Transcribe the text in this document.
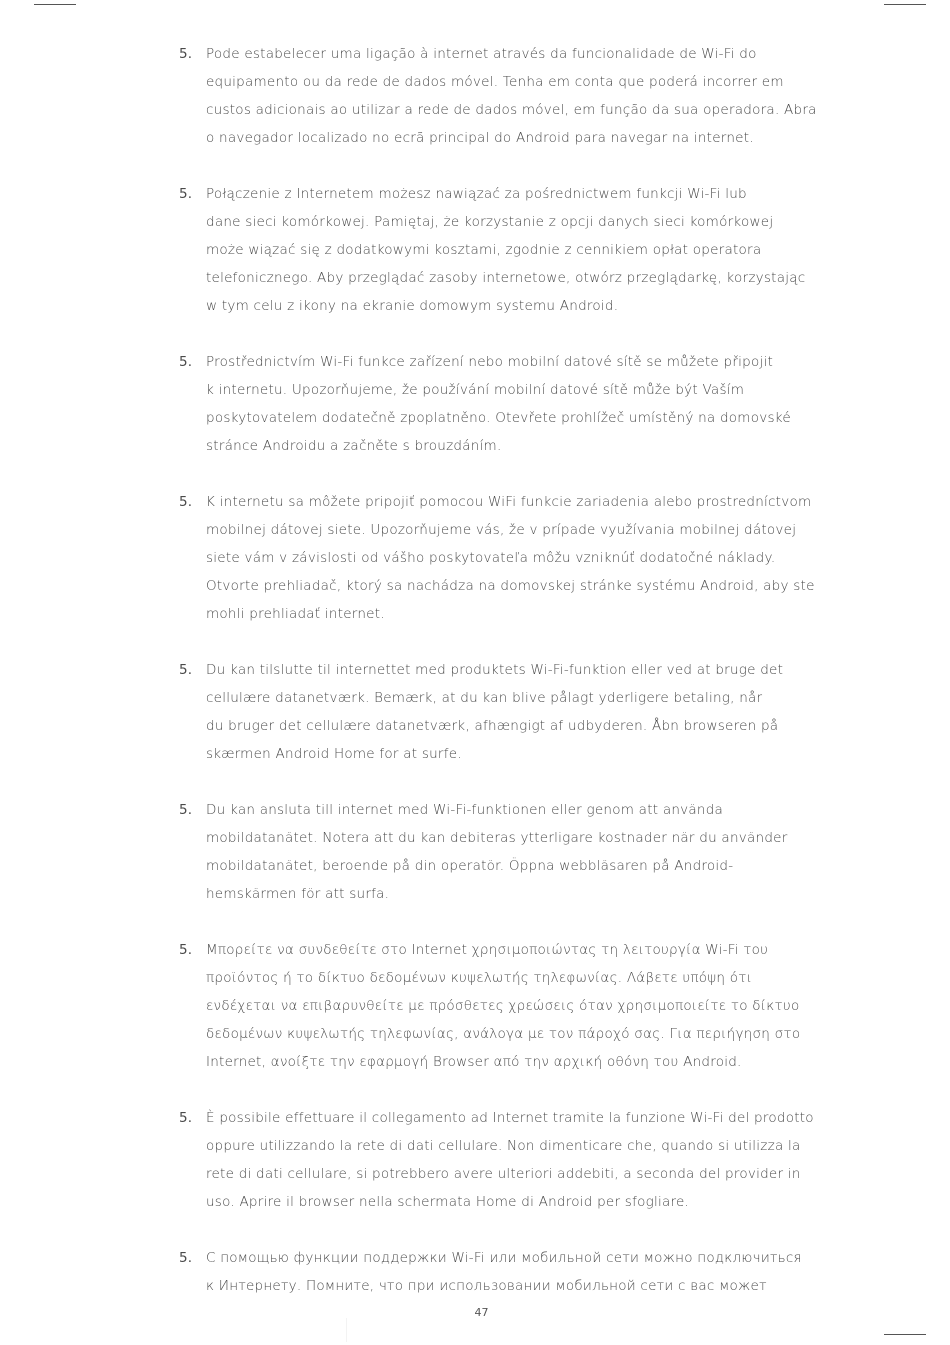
5.	Pode estabelecer uma ligação à internet através da funcionalidade de Wi-Fi do
equipamento ou da rede de dados móvel. Tenha em conta que poderá incorrer em
custos adicionais ao utilizar a rede de dados móvel, em função da sua operadora. Abra
o navegador localizado no ecrã principal do Android para navegar na internet.
5.	Połączenie z Internetem możesz nawiązać za pośrednictwem funkcji Wi-Fi lub
dane sieci komórkowej. Pamiętaj, że korzystanie z opcji danych sieci komórkowej
może wiązać się z dodatkowymi kosztami, zgodnie z cennikiem opłat operatora
telefonicznego. Aby przeglądać zasoby internetowe, otwórz przeglądarkę, korzystając
w tym celu z ikony na ekranie domowym systemu Android.
5.	Prostřednictvím Wi-Fi funkce zařízení nebo mobilní datové sítě se můžete připojit
k internetu. Upozorňujeme, že používání mobilní datové sítě může být Vaším
poskytovatelem dodatečně zpoplatněno. Otevřete prohlížeč umístěný na domovské
stránce Androidu a začněte s brouzdáním.
5.	K internetu sa môžete pripojiť pomocou WiFi funkcie zariadenia alebo prostredníctvom
mobilnej dátovej siete. Upozorňujeme vás, že v prípade využívania mobilnej dátovej
siete vám v závislosti od vášho poskytovateľa môžu vzniknúť dodatočné náklady.
Otvorte prehliadač, ktorý sa nachádza na domovskej stránke systému Android, aby ste
mohli prehliadať internet.
5.	Du kan tilslutte til internettet med produktets Wi-Fi-funktion eller ved at bruge det
cellulære datanetværk. Bemærk, at du kan blive pålagt yderligere betaling, når
du bruger det cellulære datanetværk, afhængigt af udbyderen. Åbn browseren på
skærmen Android Home for at surfe.
5.	Du kan ansluta till internet med Wi-Fi-funktionen eller genom att använda
mobildatanätet. Notera att du kan debiteras ytterligare kostnader när du använder
mobildatanätet, beroende på din operatör. Öppna webbläsaren på Android-
hemskärmen för att surfa.
5.	Μπορείτε να συνδεθείτε στο Internet χρησιμοποιώντας τη λειτουργία Wi-Fi του
προϊόντος ή το δίκτυο δεδομένων κυψελωτής τηλεφωνίας. Λάβετε υπόψη ότι
ενδέχεται να επιβαρυνθείτε με πρόσθετες χρεώσεις όταν χρησιμοποιείτε το δίκτυο
δεδομένων κυψελωτής τηλεφωνίας, ανάλογα με τον πάροχό σας. Για περιήγηση στο
Internet, ανοίξτε την εφαρμογή Browser από την αρχική οθόνη του Android.
5.	È possibile effettuare il collegamento ad Internet tramite la funzione Wi-Fi del prodotto
oppure utilizzando la rete di dati cellulare. Non dimenticare che, quando si utilizza la
rete di dati cellulare, si potrebbero avere ulteriori addebiti, a seconda del provider in
uso. Aprire il browser nella schermata Home di Android per sfogliare.
5.	С помощью функции поддержки Wi-Fi или мобильной сети можно подключиться
к Интернету. Помните, что при использовании мобильной сети с вас может
47
